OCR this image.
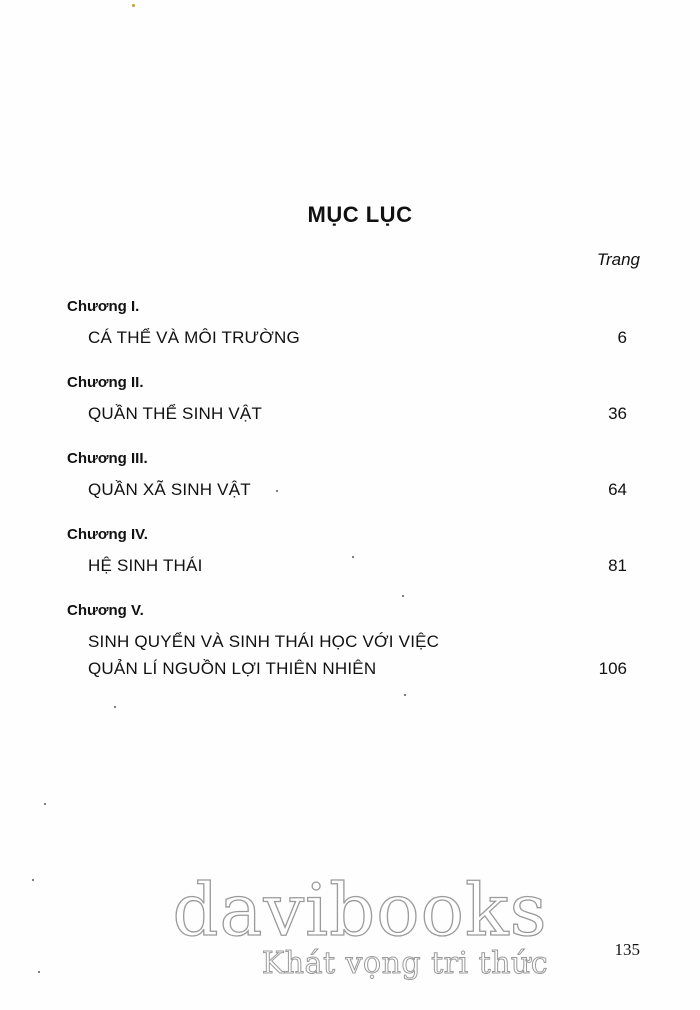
MỤC LỤC
Trang
Chương I.
CÁ THỂ VÀ MÔI TRƯỜNG	6
Chương II.
QUẦN THỂ SINH VẬT	36
Chương III.
QUẦN XÃ SINH VẬT	64
Chương IV.
HỆ SINH THÁI	81
Chương V.
SINH QUYỂN VÀ SINH THÁI HỌC VỚI VIỆC
QUẢN LÍ NGUỒN LỢI THIÊN NHIÊN	106
davibooks
Khát vọng tri thức	135
